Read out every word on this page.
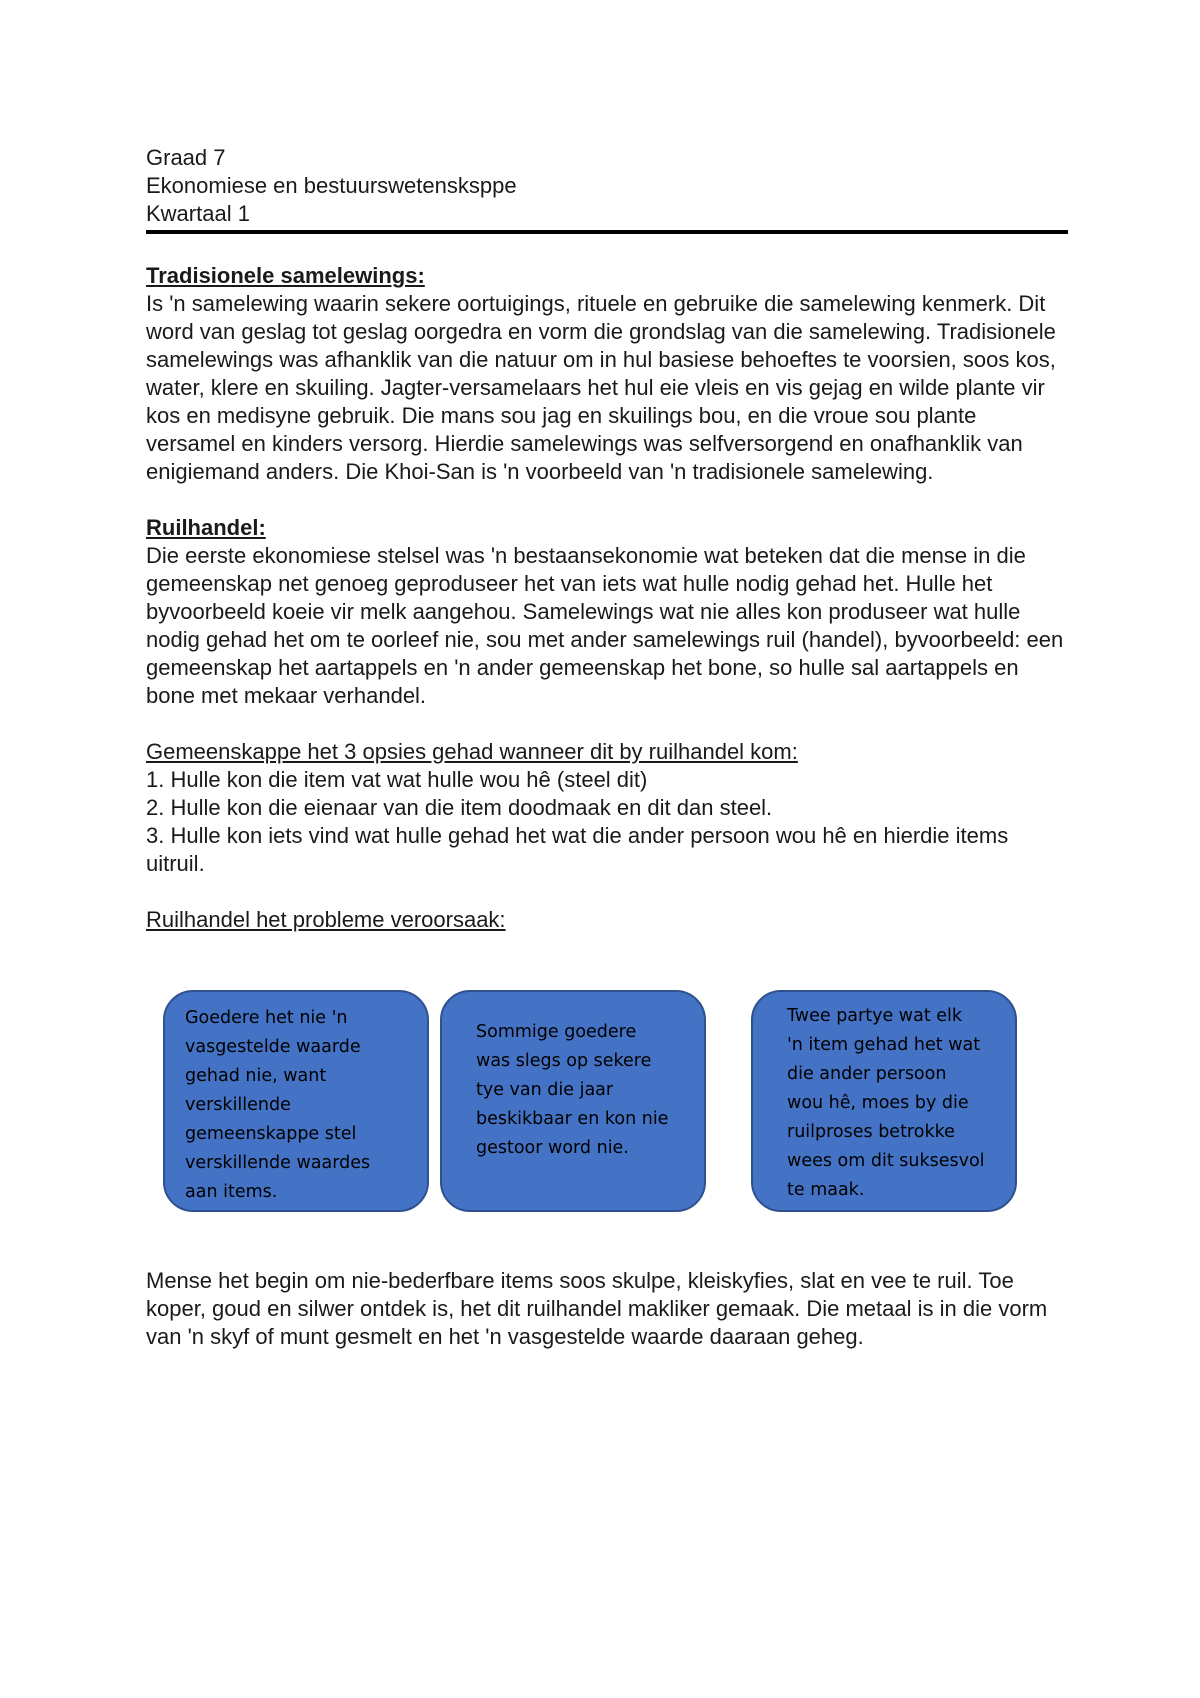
Graad 7
Ekonomiese en bestuurswetensksppe
Kwartaal 1
Tradisionele samelewings:

Is 'n samelewing waarin sekere oortuigings, rituele en gebruike die samelewing kenmerk. Dit word van geslag tot geslag oorgedra en vorm die grondslag van die samelewing. Tradisionele samelewings was afhanklik van die natuur om in hul basiese behoeftes te voorsien, soos kos, water, klere en skuiling. Jagter-versamelaars het hul eie vleis en vis gejag en wilde plante vir kos en medisyne gebruik. Die mans sou jag en skuilings bou, en die vroue sou plante versamel en kinders versorg. Hierdie samelewings was selfversorgend en onafhanklik van enigiemand anders. Die Khoi-San is 'n voorbeeld van 'n tradisionele samelewing.

Ruilhandel:

Die eerste ekonomiese stelsel was 'n bestaansekonomie wat beteken dat die mense in die gemeenskap net genoeg geproduseer het van iets wat hulle nodig gehad het. Hulle het byvoorbeeld koeie vir melk aangehou. Samelewings wat nie alles kon produseer wat hulle nodig gehad het om te oorleef nie, sou met ander samelewings ruil (handel), byvoorbeeld: een gemeenskap het aartappels en 'n ander gemeenskap het bone, so hulle sal aartappels en bone met mekaar verhandel.

Gemeenskappe het 3 opsies gehad wanneer dit by ruilhandel kom:

1. Hulle kon die item vat wat hulle wou hê (steel dit)

2. Hulle kon die eienaar van die item doodmaak en dit dan steel.

3. Hulle kon iets vind wat hulle gehad het wat die ander persoon wou hê en hierdie items uitruil.

Ruilhandel het probleme veroorsaak:
Goedere het nie 'n
vasgestelde waarde
gehad nie, want
verskillende
gemeenskappe stel
verskillende waardes
aan items.
Sommige goedere
was slegs op sekere
tye van die jaar
beskikbaar en kon nie
gestoor word nie.
Twee partye wat elk
'n item gehad het wat
die ander persoon
wou hê, moes by die
ruilproses betrokke
wees om dit suksesvol
te maak.

Mense het begin om nie-bederfbare items soos skulpe, kleiskyfies, slat en vee te ruil. Toe koper, goud en silwer ontdek is, het dit ruilhandel makliker gemaak. Die metaal is in die vorm van 'n skyf of munt gesmelt en het 'n vasgestelde waarde daaraan geheg.
